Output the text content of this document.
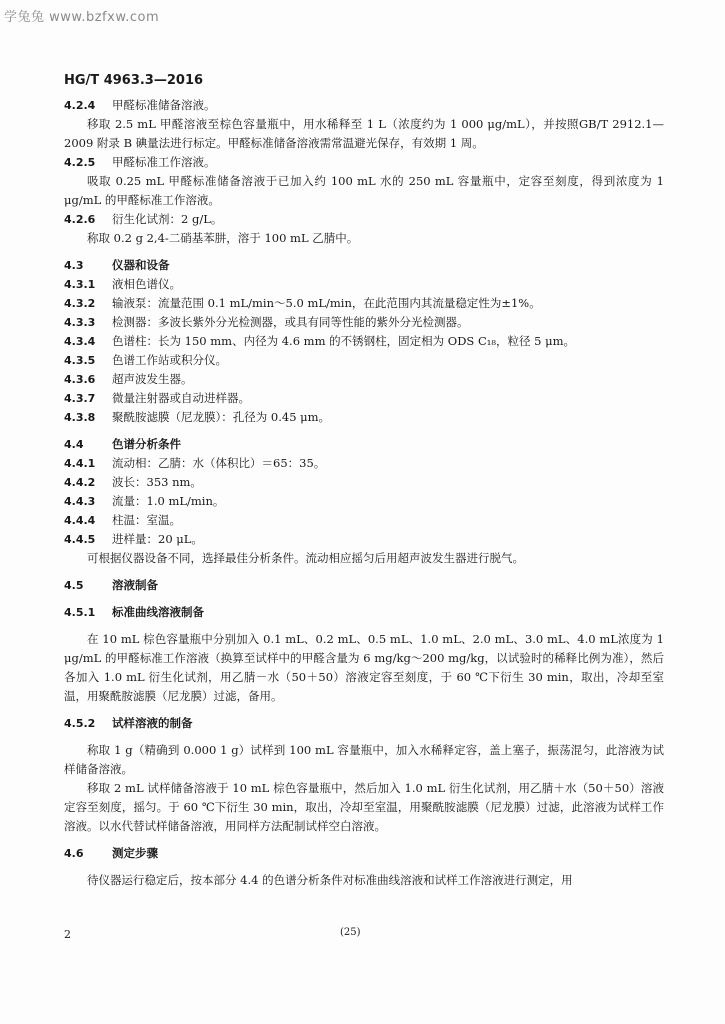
学兔兔 www.bzfxw.com
HG/T 4963.3—2016
4.2.4	甲醛标准储备溶液。
移取 2.5 mL 甲醛溶液至棕色容量瓶中，用水稀释至 1 L（浓度约为 1 000 μg/mL），并按照GB/T 2912.1—2009 附录 B 碘量法进行标定。甲醛标准储备溶液需常温避光保存，有效期 1 周。
4.2.5	甲醛标准工作溶液。
吸取 0.25 mL 甲醛标准储备溶液于已加入约 100 mL 水的 250 mL 容量瓶中，定容至刻度，得到浓度为 1 μg/mL 的甲醛标准工作溶液。
4.2.6	衍生化试剂：2 g/L。
称取 0.2 g 2,4-二硝基苯肼，溶于 100 mL 乙腈中。
4.3	仪器和设备
4.3.1	液相色谱仪。
4.3.2	输液泵：流量范围 0.1 mL/min～5.0 mL/min，在此范围内其流量稳定性为±1%。
4.3.3	检测器：多波长紫外分光检测器，或具有同等性能的紫外分光检测器。
4.3.4	色谱柱：长为 150 mm、内径为 4.6 mm 的不锈钢柱，固定相为 ODS C₁₈，粒径 5 μm。
4.3.5	色谱工作站或积分仪。
4.3.6	超声波发生器。
4.3.7	微量注射器或自动进样器。
4.3.8	聚酰胺滤膜（尼龙膜）：孔径为 0.45 μm。
4.4	色谱分析条件
4.4.1	流动相：乙腈：水（体积比）＝65：35。
4.4.2	波长：353 nm。
4.4.3	流量：1.0 mL/min。
4.4.4	柱温：室温。
4.4.5	进样量：20 μL。
可根据仪器设备不同，选择最佳分析条件。流动相应摇匀后用超声波发生器进行脱气。
4.5	溶液制备
4.5.1	标准曲线溶液制备
在 10 mL 棕色容量瓶中分别加入 0.1 mL、0.2 mL、0.5 mL、1.0 mL、2.0 mL、3.0 mL、4.0 mL浓度为 1 μg/mL 的甲醛标准工作溶液（换算至试样中的甲醛含量为 6 mg/kg～200 mg/kg，以试验时的稀释比例为准），然后各加入 1.0 mL 衍生化试剂，用乙腈－水（50＋50）溶液定容至刻度，于 60 ℃下衍生 30 min，取出，冷却至室温，用聚酰胺滤膜（尼龙膜）过滤，备用。
4.5.2	试样溶液的制备
称取 1 g（精确到 0.000 1 g）试样到 100 mL 容量瓶中，加入水稀释定容，盖上塞子，振荡混匀，此溶液为试样储备溶液。
移取 2 mL 试样储备溶液于 10 mL 棕色容量瓶中，然后加入 1.0 mL 衍生化试剂，用乙腈＋水（50＋50）溶液定容至刻度，摇匀。于 60 ℃下衍生 30 min，取出，冷却至室温，用聚酰胺滤膜（尼龙膜）过滤，此溶液为试样工作溶液。以水代替试样储备溶液，用同样方法配制试样空白溶液。
4.6	测定步骤
待仪器运行稳定后，按本部分 4.4 的色谱分析条件对标准曲线溶液和试样工作溶液进行测定，用
2	(25)
